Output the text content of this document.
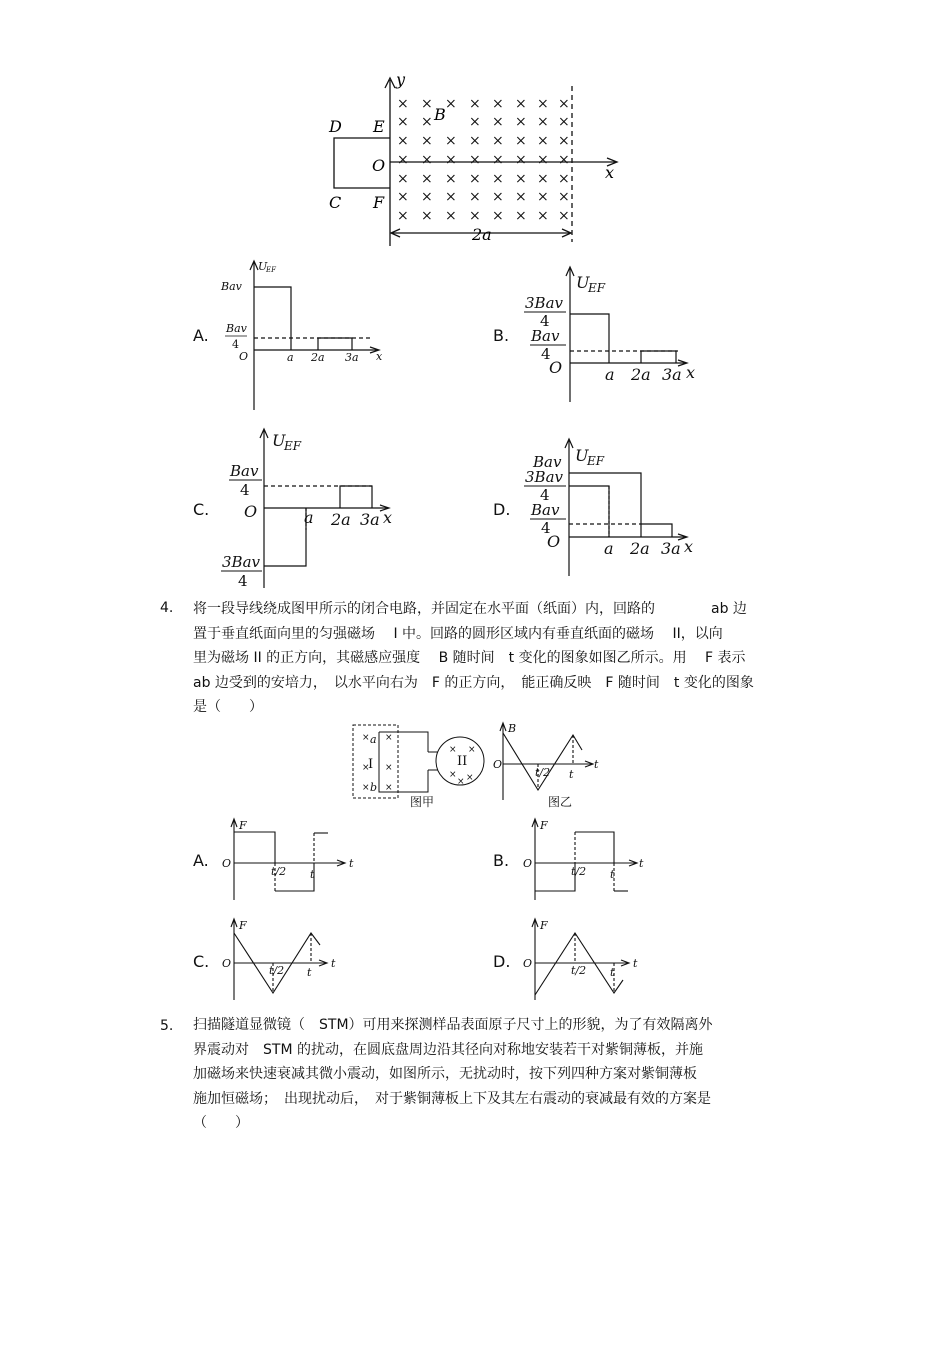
× × × × × × × ×
× ×	× × × × ×
× × × × × × × ×
× × × × × × × ×
× × × × × × × ×
× × × × × × × ×
× × × × × × × ×
y
x
B
D E
C F
O
2a
A.	B.
C.	D.
U
EF
Bav
Bav
4
O	a 2a 3a x
U
EF
3Bav
4
Bav
4
O	a 2a 3a x
U
EF
Bav
4
O	a 2a 3a x
3Bav
4
U
EF
Bav
3Bav
4
Bav
4
O	a 2a 3a x
4. 将一段导线绕成图甲所示的闭合电路，并固定在水平面（纸面）内，回路的　　　　ab 边
置于垂直纸面向里的匀强磁场　 I 中。回路的圆形区域内有垂直纸面的磁场　 II，以向
里为磁场 II 的正方向，其磁感应强度　 B 随时间　t 变化的图象如图乙所示。用　 F 表示
ab 边受到的安培力，　以水平向右为　F 的正方向，　能正确反映　F 随时间　t 变化的图象
是（　　）
× ×
× ×
× ×
× ×
× ×
×
I	II
a
b
图甲
B
O
t/2 t
t
图乙
A.	B.
C.	D.
F
O
t/2 t
t
F
O
t/2 t
t
F
O
t/2 t
t
F
O
t/2 t
t
5. 扫描隧道显微镜（　STM）可用来探测样品表面原子尺寸上的形貌，为了有效隔离外
界震动对　STM 的扰动，在圆底盘周边沿其径向对称地安装若干对紫铜薄板，并施
加磁场来快速衰减其微小震动，如图所示，无扰动时，按下列四种方案对紫铜薄板
施加恒磁场；　出现扰动后，　对于紫铜薄板上下及其左右震动的衰减最有效的方案是
（　　）
